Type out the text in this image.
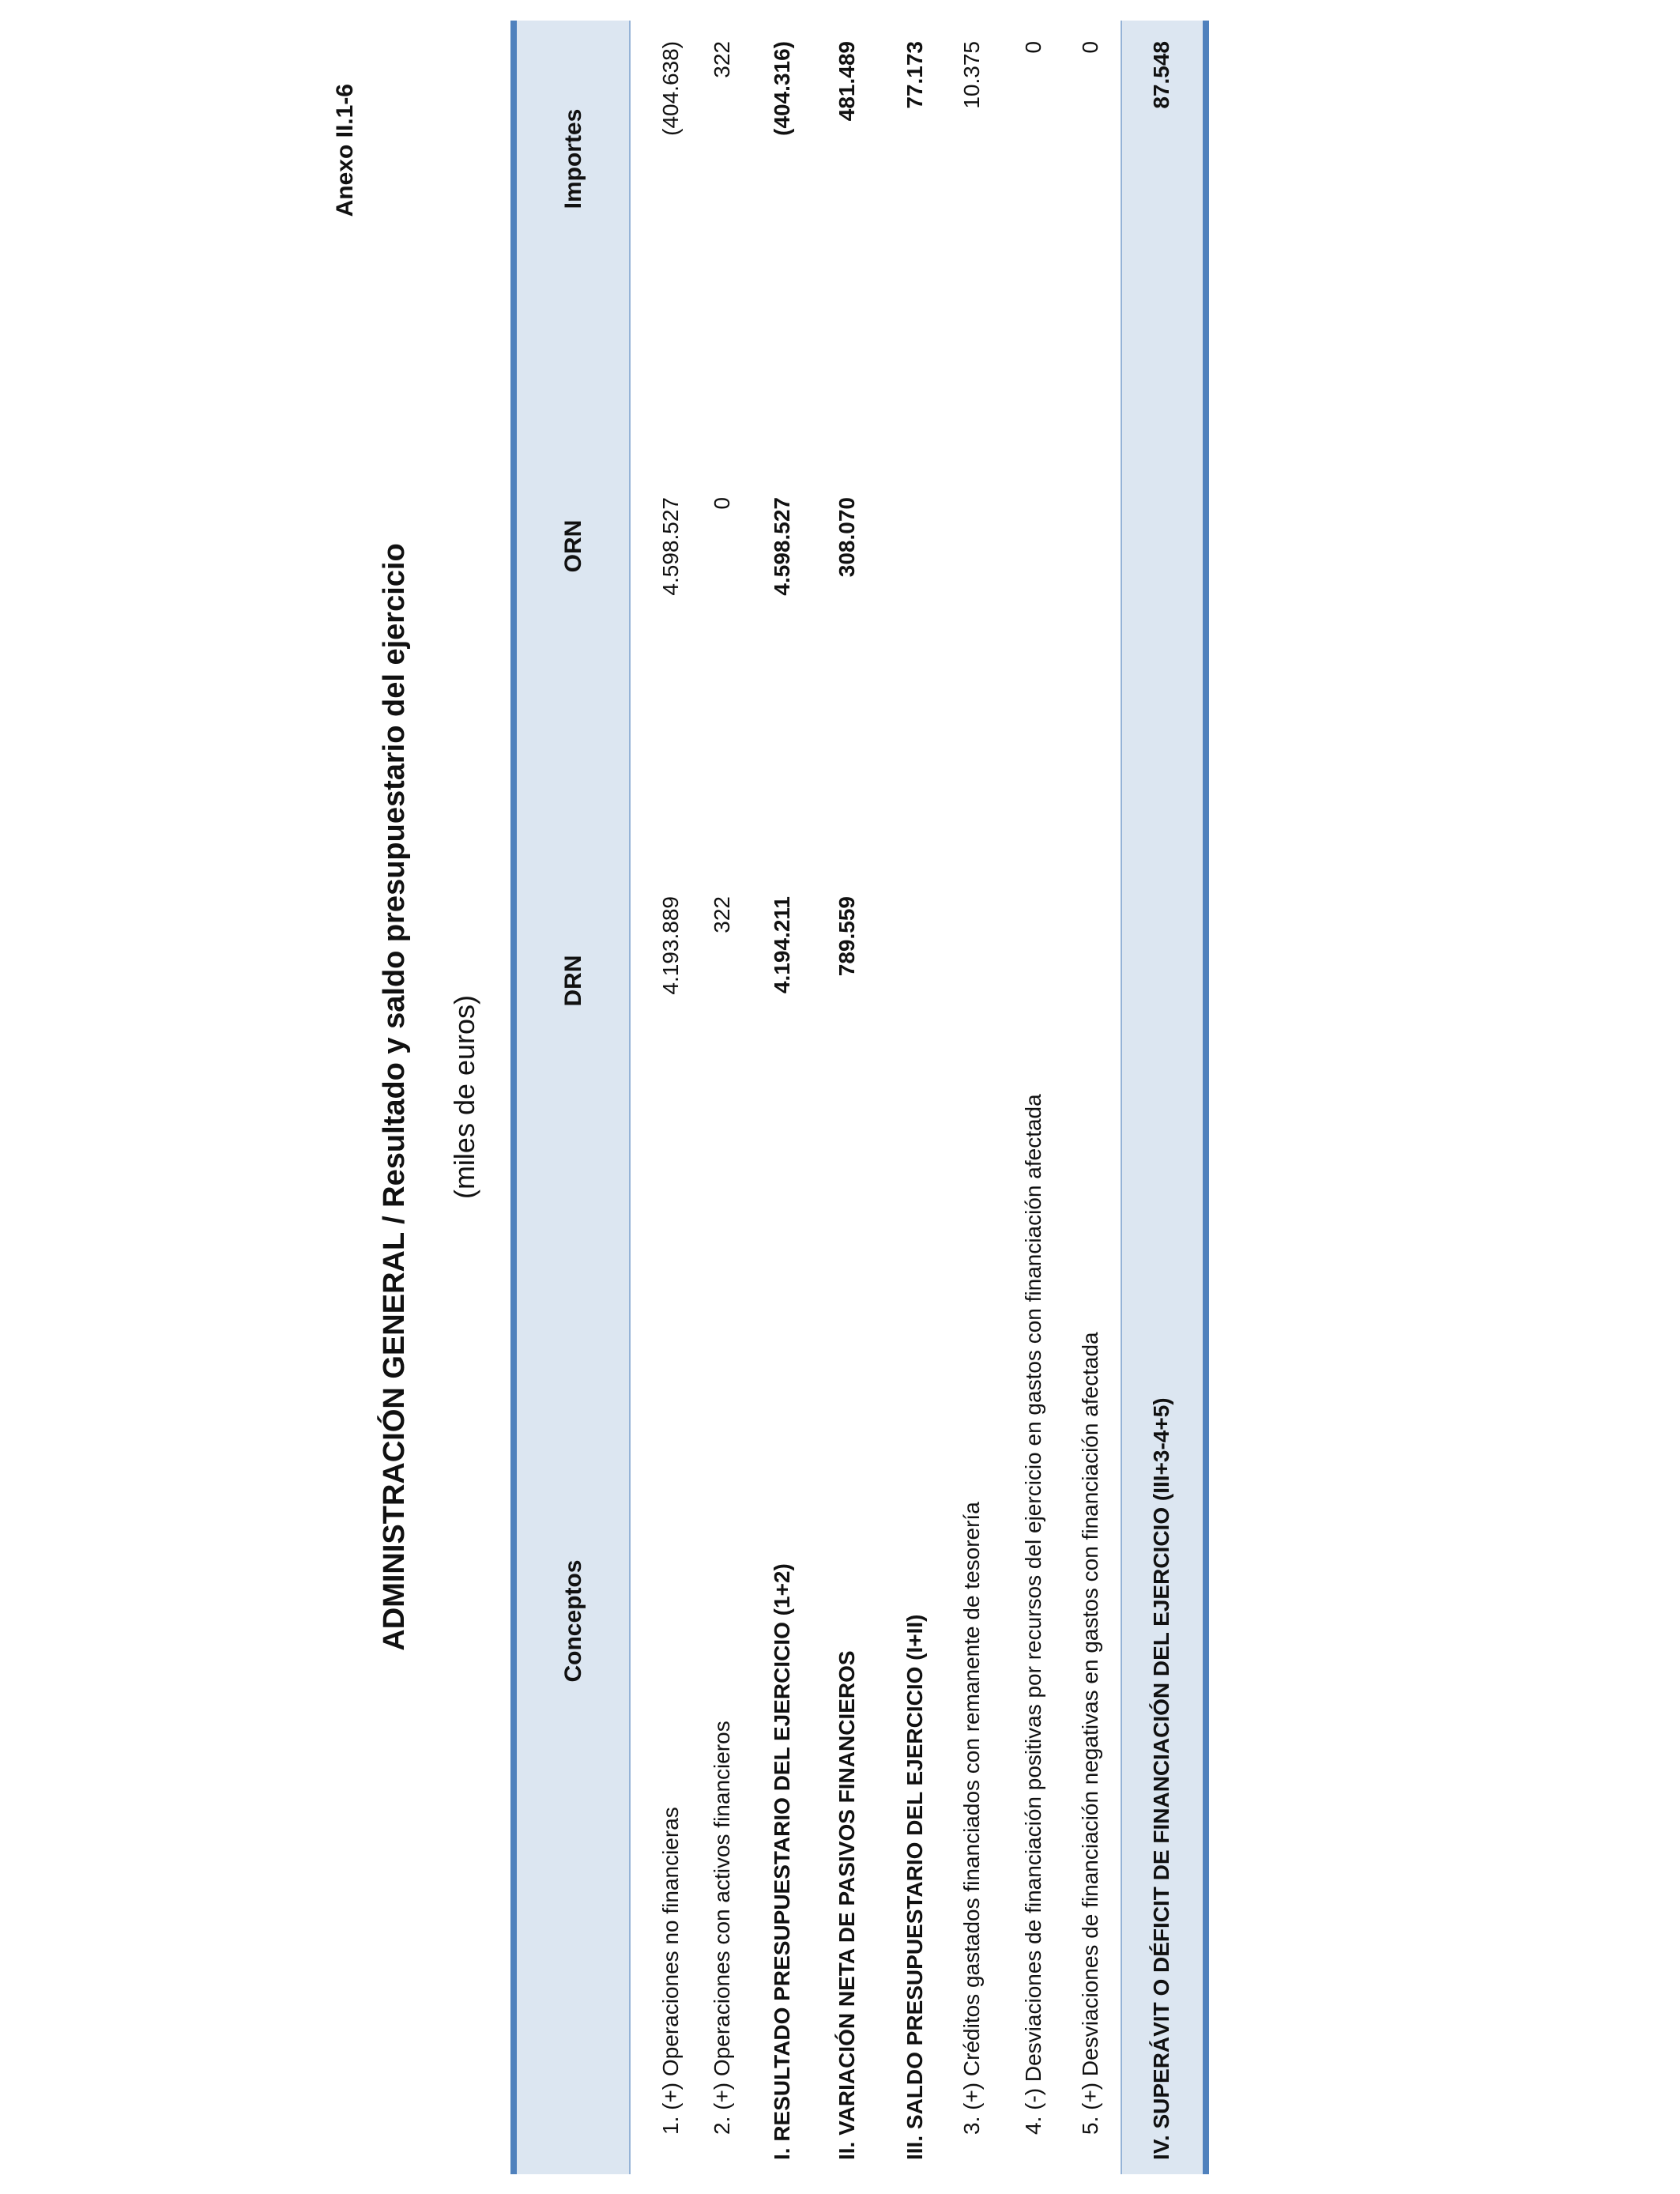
Anexo II.1-6
ADMINISTRACIÓN GENERAL / Resultado y saldo presupuestario del ejercicio (miles de euros)
Conceptos
DRN
ORN
Importes
1. (+) Operaciones no financieras
4.193.889
4.598.527
(404.638)
2. (+) Operaciones con activos financieros
322
0
322
I. RESULTADO PRESUPUESTARIO DEL EJERCICIO (1+2)
4.194.211
4.598.527
(404.316)
II. VARIACIÓN NETA DE PASIVOS FINANCIEROS
789.559
308.070
481.489
III. SALDO PRESUPUESTARIO DEL EJERCICIO (I+II)
77.173
3. (+) Créditos gastados financiados con remanente de tesorería
10.375
4. (-) Desviaciones de financiación positivas por recursos del ejercicio en gastos con financiación afectada
0
5. (+) Desviaciones de financiación negativas en gastos con financiación afectada
0
IV. SUPERÁVIT O DÉFICIT DE FINANCIACIÓN DEL EJERCICIO (III+3-4+5)
87.548
